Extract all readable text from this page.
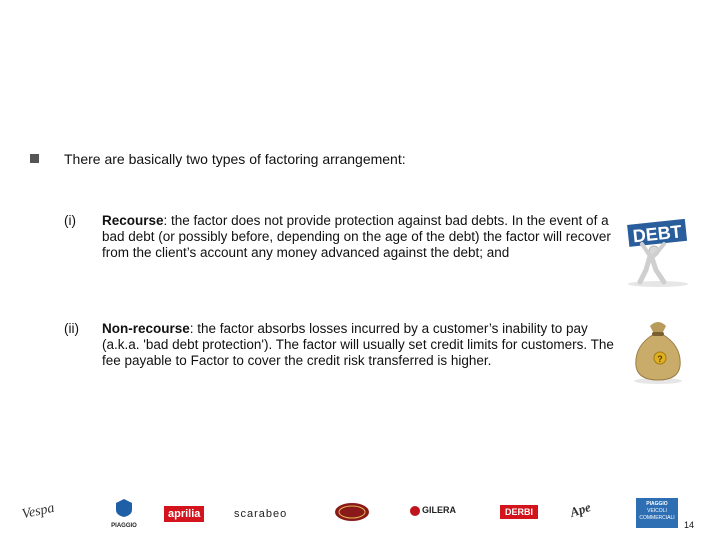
There are basically two types of factoring arrangement:
(i) Recourse: the factor does not provide protection against bad debts. In the event of a bad debt (or possibly before, depending on the age of the debt) the factor will recover from the client’s account any money advanced against the debt; and
(ii) Non-recourse: the factor absorbs losses incurred by a customer’s inability to pay (a.k.a. 'bad debt protection'). The factor will usually set credit limits for customers. The fee payable to Factor to cover the credit risk transferred is higher.
DEBT
?
Vespa
PIAGGIO
aprilia	scarabeo	GILERA	DERBI	Ape	PIAGGIO
VEICOLI
COMMERCIALI
14
